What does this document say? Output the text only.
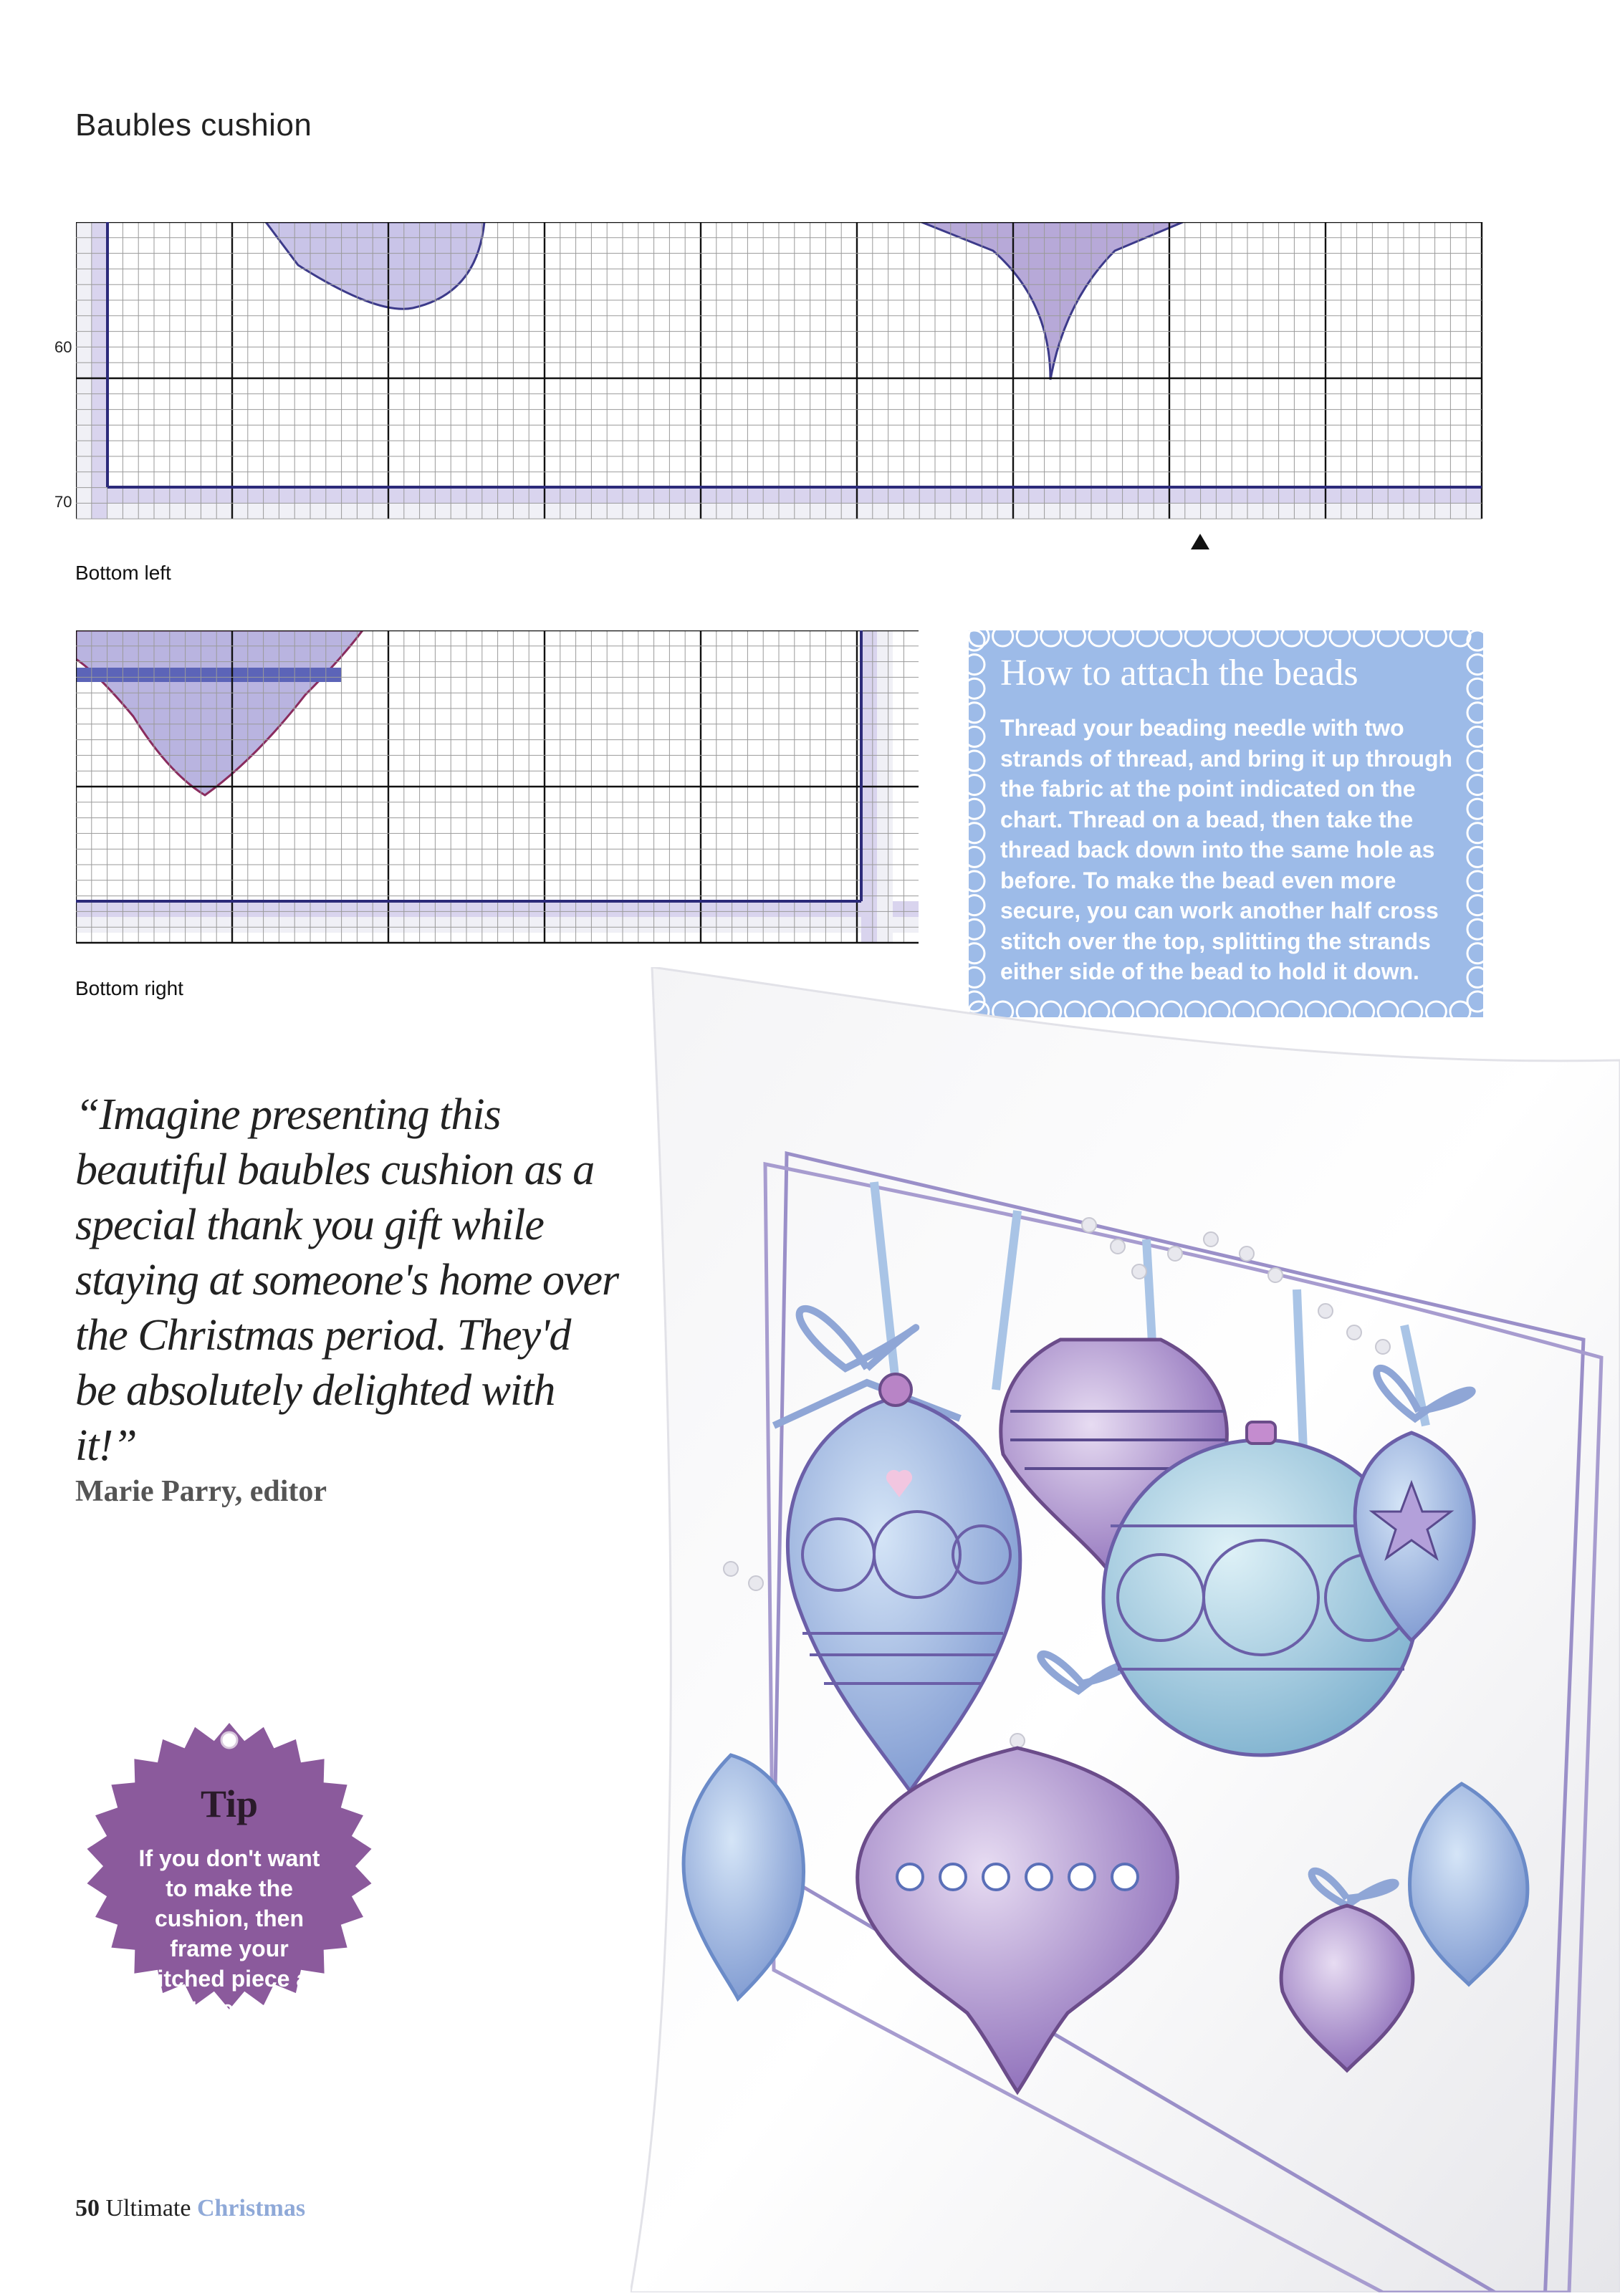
Baubles cushion
60
70
Bottom left
Bottom right
How to attach the beads
Thread your beading needle with two strands of thread, and bring it up through the fabric at the point indicated on the chart. Thread on a bead, then take the thread back down into the same hole as before. To make the bead even more secure, you can work another half cross stitch over the top, splitting the strands either side of the bead to hold it down.
“Imagine presenting this beautiful baubles cushion as a special thank you gift while staying at someone's home over the Christmas period. They'd be absolutely delighted with it!”
Marie Parry, editor
Tip
If you don't want to make the cushion, then frame your stitched piece as a picture instead
50 Ultimate Christmas
